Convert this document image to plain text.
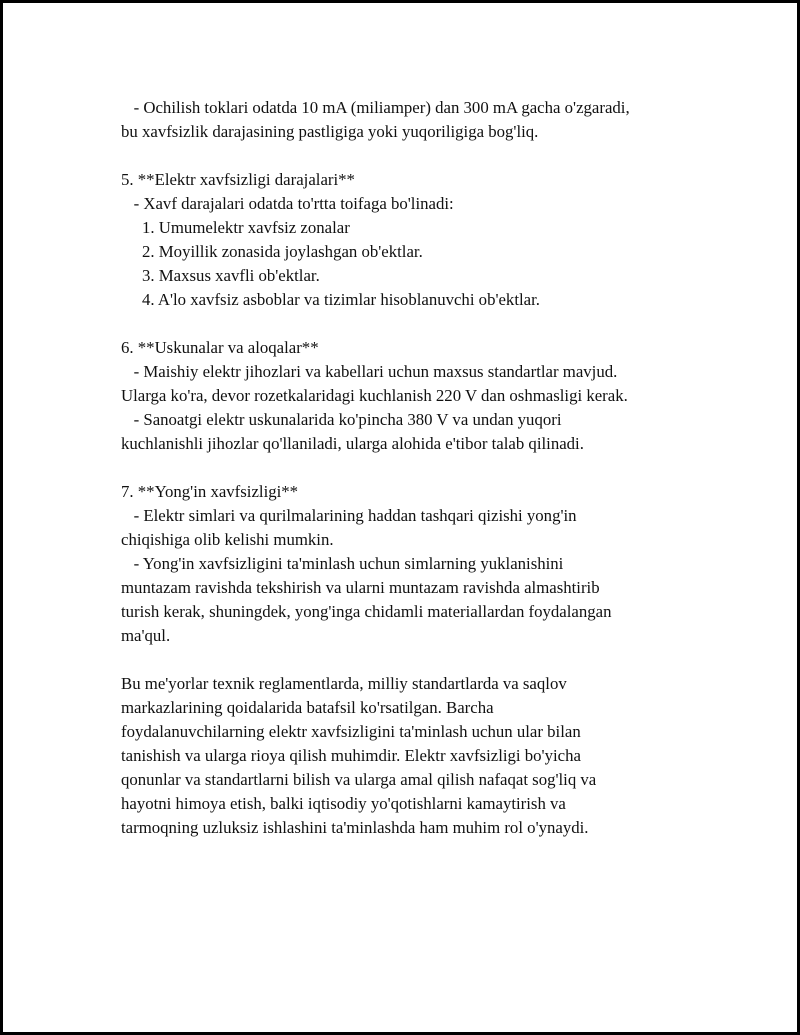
- Ochilish toklari odatda 10 mA (miliamper) dan 300 mA gacha o'zgaradi,
bu xavfsizlik darajasining pastligiga yoki yuqoriligiga bog'liq.
5. **Elektr xavfsizligi darajalari**
- Xavf darajalari odatda to'rtta toifaga bo'linadi:
1. Umumelektr xavfsiz zonalar
2. Moyillik zonasida joylashgan ob'ektlar.
3. Maxsus xavfli ob'ektlar.
4. A'lo xavfsiz asboblar va tizimlar hisoblanuvchi ob'ektlar.
6. **Uskunalar va aloqalar**
- Maishiy elektr jihozlari va kabellari uchun maxsus standartlar mavjud.
Ularga ko'ra, devor rozetkalaridagi kuchlanish 220 V dan oshmasligi kerak.
- Sanoatgi elektr uskunalarida ko'pincha 380 V va undan yuqori
kuchlanishli jihozlar qo'llaniladi, ularga alohida e'tibor talab qilinadi.
7. **Yong'in xavfsizligi**
- Elektr simlari va qurilmalarining haddan tashqari qizishi yong'in
chiqishiga olib kelishi mumkin.
- Yong'in xavfsizligini ta'minlash uchun simlarning yuklanishini
muntazam ravishda tekshirish va ularni muntazam ravishda almashtirib
turish kerak, shuningdek, yong'inga chidamli materiallardan foydalangan
ma'qul.
Bu me'yorlar texnik reglamentlarda, milliy standartlarda va saqlov
markazlarining qoidalarida batafsil ko'rsatilgan. Barcha
foydalanuvchilarning elektr xavfsizligini ta'minlash uchun ular bilan
tanishish va ularga rioya qilish muhimdir. Elektr xavfsizligi bo'yicha
qonunlar va standartlarni bilish va ularga amal qilish nafaqat sog'liq va
hayotni himoya etish, balki iqtisodiy yo'qotishlarni kamaytirish va
tarmoqning uzluksiz ishlashini ta'minlashda ham muhim rol o'ynaydi.
